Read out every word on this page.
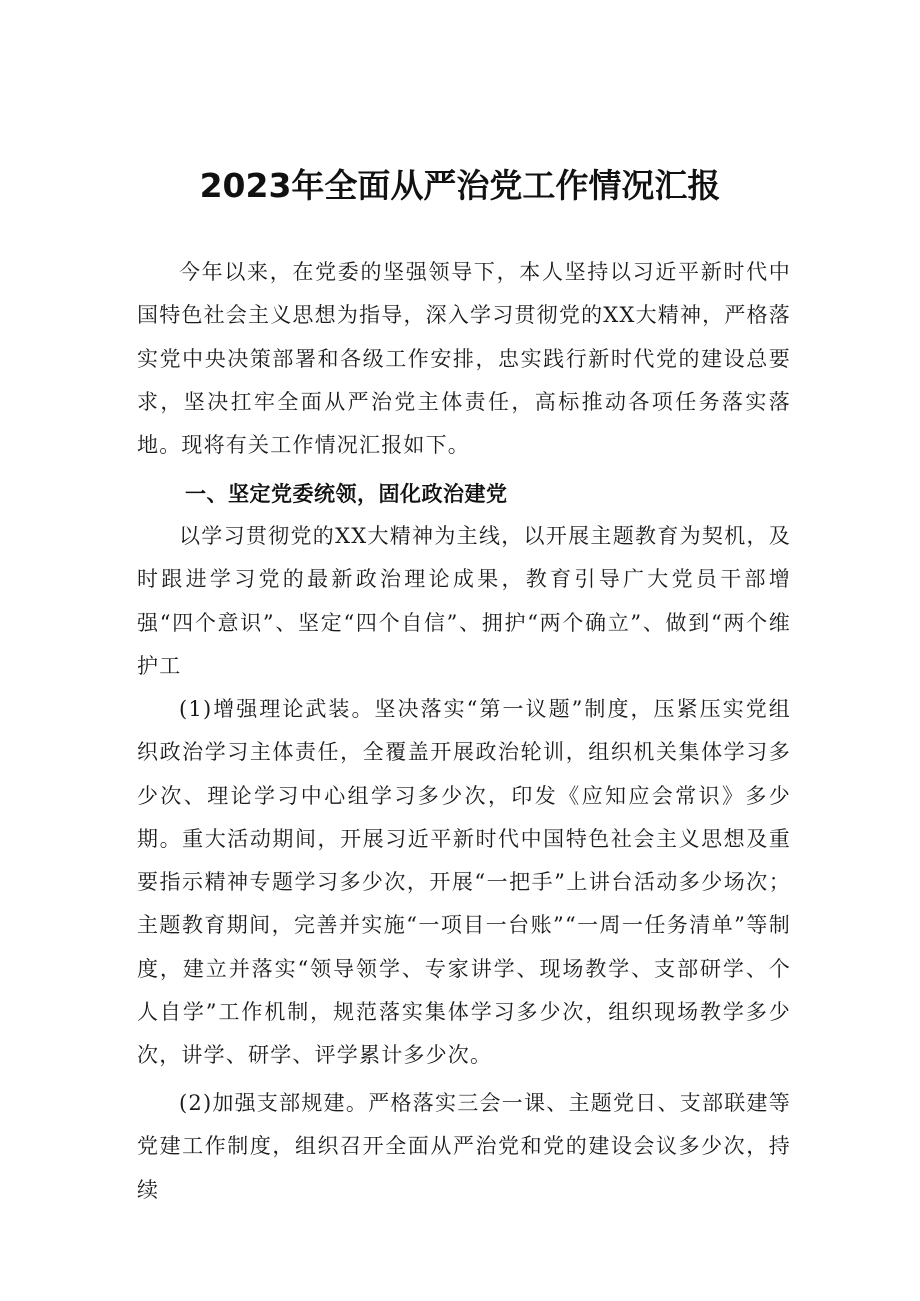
2023年全面从严治党工作情况汇报

今年以来，在党委的坚强领导下，本人坚持以习近平新时代中国特色社会主义思想为指导，深入学习贯彻党的XX大精神，严格落实党中央决策部署和各级工作安排，忠实践行新时代党的建设总要求，坚决扛牢全面从严治党主体责任，高标推动各项任务落实落地。现将有关工作情况汇报如下。

一、坚定党委统领，固化政治建党

以学习贯彻党的XX大精神为主线，以开展主题教育为契机，及时跟进学习党的最新政治理论成果，教育引导广大党员干部增强“四个意识”、坚定“四个自信”、拥护“两个确立”、做到“两个维护工

(1)增强理论武装。坚决落实“第一议题”制度，压紧压实党组织政治学习主体责任，全覆盖开展政治轮训，组织机关集体学习多少次、理论学习中心组学习多少次，印发《应知应会常识》多少期。重大活动期间，开展习近平新时代中国特色社会主义思想及重要指示精神专题学习多少次，开展“一把手”上讲台活动多少场次；主题教育期间，完善并实施“一项目一台账”“一周一任务清单”等制度，建立并落实“领导领学、专家讲学、现场教学、支部研学、个人自学”工作机制，规范落实集体学习多少次，组织现场教学多少次，讲学、研学、评学累计多少次。

(2)加强支部规建。严格落实三会一课、主题党日、支部联建等党建工作制度，组织召开全面从严治党和党的建设会议多少次，持续
